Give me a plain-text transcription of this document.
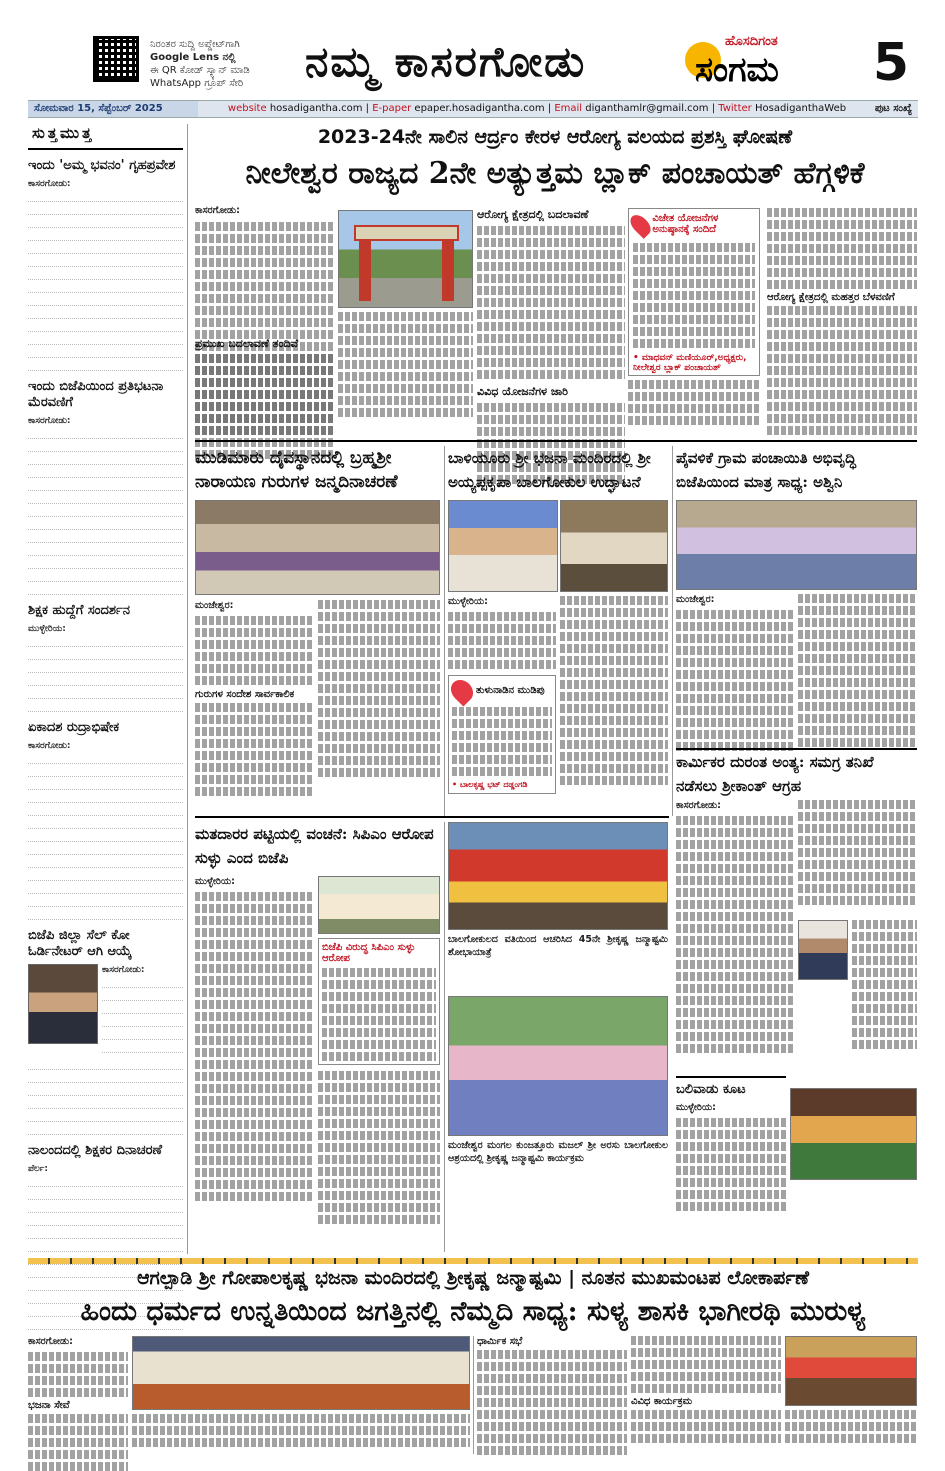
ನಿರಂತರ ಸುದ್ದಿ ಅಪ್ಡೇಟ್‌ಗಾಗಿ
Google Lens ನಲ್ಲಿ
ಈ QR ಕೋಡ್ ಸ್ಕ್ಯಾನ್ ಮಾಡಿ
WhatsApp ಗ್ರೂಪ್ ಸೇರಿ	ನಮ್ಮ ಕಾಸರಗೋಡು	ಹೊಸದಿಗಂತ
ಸಂಗಮ 5
ಸೋಮವಾರ 15, ಸೆಪ್ಟೆಂಬರ್ 2025	website hosadigantha.com | E-paper epaper.hosadigantha.com | Email diganthamlr@gmail.com | Twitter HosadiganthaWeb	ಪುಟ ಸಂಖ್ಯೆ
ಸುತ್ತಮುತ್ತ
ಇಂದು 'ಅಮ್ಮ ಭವನಂ' ಗೃಹಪ್ರವೇಶ
ಕಾಸರಗೋಡು:
ಇಂದು ಬಿಜೆಪಿಯಿಂದ ಪ್ರತಿಭಟನಾ ಮೆರವಣಿಗೆ
ಕಾಸರಗೋಡು:
ಶಿಕ್ಷಕ ಹುದ್ದೆಗೆ ಸಂದರ್ಶನ
ಮುಳ್ಳೇರಿಯ:
ಏಕಾದಶ ರುದ್ರಾಭಿಷೇಕ
ಕಾಸರಗೋಡು:
ಬಿಜೆಪಿ ಜಿಲ್ಲಾ ಸೆಲ್ ಕೋ ಓರ್ಡಿನೇಟರ್ ಆಗಿ ಆಯ್ಕೆ
ಕಾಸರಗೋಡು:
ನಾಲಂದದಲ್ಲಿ ಶಿಕ್ಷಕರ ದಿನಾಚರಣೆ
ಪೆರ್ಲ:
2023-24ನೇ ಸಾಲಿನ ಆರ್ದ್ರಂ ಕೇರಳ ಆರೋಗ್ಯ ವಲಯದ ಪ್ರಶಸ್ತಿ ಘೋಷಣೆ
ನೀಲೇಶ್ವರ ರಾಜ್ಯದ 2ನೇ ಅತ್ಯುತ್ತಮ ಬ್ಲಾಕ್ ಪಂಚಾಯತ್ ಹೆಗ್ಗಳಿಕೆ
ಕಾಸರಗೋಡು:
ಪ್ರಮುಖ ಬದಲಾವಣೆ ತಂದಿವೆ
ಆರೋಗ್ಯ ಕ್ಷೇತ್ರದಲ್ಲಿ ಬದಲಾವಣೆ
ವಿವಿಧ ಯೋಜನೆಗಳ ಜಾರಿ
ವಿಜೇತ ಯೋಜನೆಗಳ ಅನುಷ್ಠಾನಕ್ಕೆ ಸಂದಿದೆ
• ಮಾಧವನ್ ಮಣಿಯೂರ್,ಅಧ್ಯಕ್ಷರು, ನೀಲೇಶ್ವರ ಬ್ಲಾಕ್ ಪಂಚಾಯತ್
ಆರೋಗ್ಯ ಕ್ಷೇತ್ರದಲ್ಲಿ ಮಹತ್ತರ ಬೆಳವಣಿಗೆ
ಮುಡಿಮಾರು ದೈವಸ್ಥಾನದಲ್ಲಿ ಬ್ರಹ್ಮಶ್ರೀ ನಾರಾಯಣ ಗುರುಗಳ ಜನ್ಮದಿನಾಚರಣೆ
ಮಂಜೇಶ್ವರ:
ಗುರುಗಳ ಸಂದೇಶ ಸಾರ್ವಕಾಲಿಕ
ಬಾಳಿಯೂರು ಶ್ರೀ ಭಜನಾ ಮಂದಿರದಲ್ಲಿ ಶ್ರೀ ಅಯ್ಯಪ್ಪಕೃಪಾ ಬಾಲಗೋಕುಲ ಉದ್ಘಾಟನೆ
ಮುಳ್ಳೇರಿಯ:
ತುಳುನಾಡಿನ ಮುಡಿಪು
• ಬಾಲಕೃಷ್ಣ ಭಟ್ ದಡ್ಡಂಗಡಿ
ಪೈವಳಿಕೆ ಗ್ರಾಮ ಪಂಚಾಯಿತಿ ಅಭಿವೃದ್ಧಿ ಬಿಜೆಪಿಯಿಂದ ಮಾತ್ರ ಸಾಧ್ಯ: ಅಶ್ವಿನಿ
ಮಂಜೇಶ್ವರ:
ಕಾರ್ಮಿಕರ ದುರಂತ ಅಂತ್ಯ: ಸಮಗ್ರ ತನಿಖೆ ನಡೆಸಲು ಶ್ರೀಕಾಂತ್ ಆಗ್ರಹ
ಕಾಸರಗೋಡು:
ಮತದಾರರ ಪಟ್ಟಿಯಲ್ಲಿ ವಂಚನೆ: ಸಿಪಿಎಂ ಆರೋಪ ಸುಳ್ಳು ಎಂದ ಬಿಜೆಪಿ
ಮುಳ್ಳೇರಿಯ:
ಬಿಜೆಪಿ ವಿರುದ್ಧ ಸಿಪಿಎಂ ಸುಳ್ಳು ಆರೋಪ
ಬಾಲಗೋಕುಲದ ವತಿಯಿಂದ ಆಚರಿಸಿದ 45ನೇ ಶ್ರೀಕೃಷ್ಣ ಜನ್ಮಾಷ್ಟಮಿ ಶೋಭಾಯಾತ್ರೆ
ಮಂಜೇಶ್ವರ ಮಂಗಲ ಕುಂಜತ್ತೂರು ಮಜಲ್ ಶ್ರೀ ಅರಸು ಬಾಲಗೋಕುಲ ಆಶ್ರಯದಲ್ಲಿ ಶ್ರೀಕೃಷ್ಣ ಜನ್ಮಾಷ್ಟಮಿ ಕಾರ್ಯಕ್ರಮ
ಬಲಿವಾಡು ಕೂಟ
ಮುಳ್ಳೇರಿಯ:
ಆಗಲ್ಪಾಡಿ ಶ್ರೀ ಗೋಪಾಲಕೃಷ್ಣ ಭಜನಾ ಮಂದಿರದಲ್ಲಿ ಶ್ರೀಕೃಷ್ಣ ಜನ್ಮಾಷ್ಟಮಿ | ನೂತನ ಮುಖಮಂಟಪ ಲೋಕಾರ್ಪಣೆ
ಹಿಂದು ಧರ್ಮದ ಉನ್ನತಿಯಿಂದ ಜಗತ್ತಿನಲ್ಲಿ ನೆಮ್ಮದಿ ಸಾಧ್ಯ: ಸುಳ್ಯ ಶಾಸಕಿ ಭಾಗೀರಥಿ ಮುರುಳ್ಯ
ಕಾಸರಗೋಡು:
ಭಜನಾ ಸೇವೆ
ಧಾರ್ಮಿಕ ಸಭೆ
ವಿವಿಧ ಕಾರ್ಯಕ್ರಮ
